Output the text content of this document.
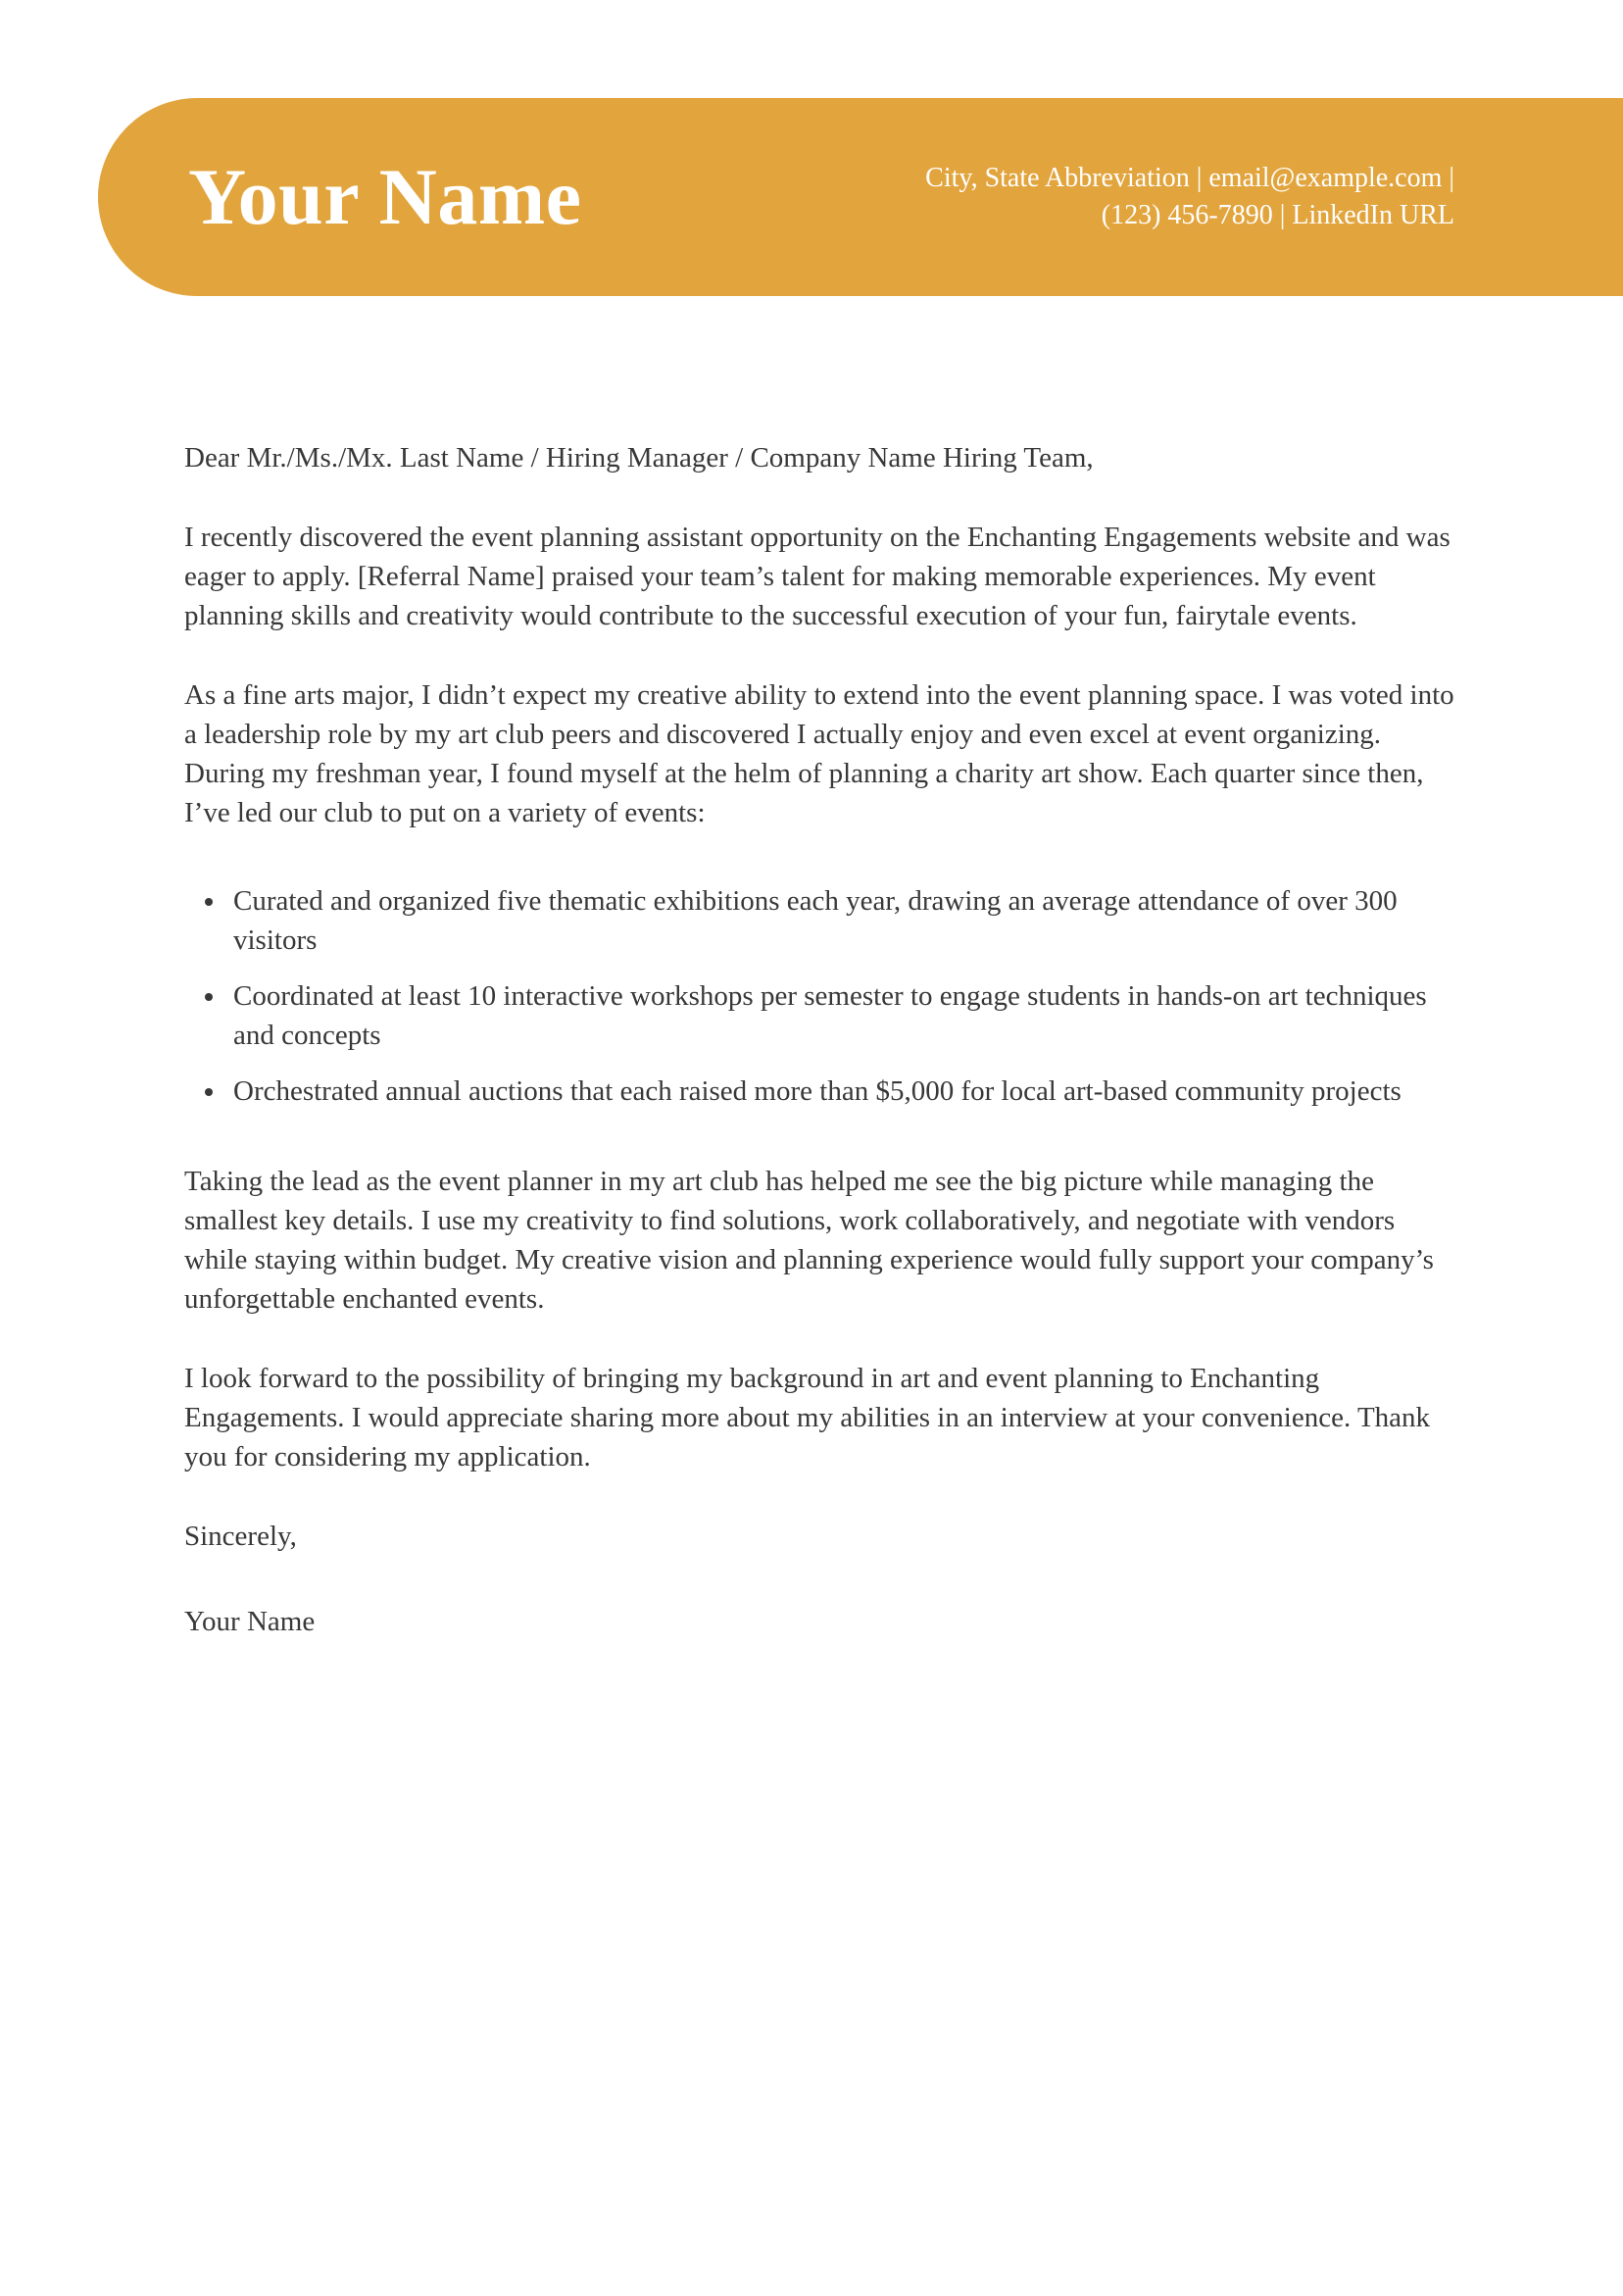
Your Name	City, State Abbreviation | email@example.com |
(123) 456-7890 | LinkedIn URL

Dear Mr./Ms./Mx. Last Name / Hiring Manager / Company Name Hiring Team,

I recently discovered the event planning assistant opportunity on the Enchanting Engagements website and was eager to apply. [Referral Name] praised your team’s talent for making memorable experiences. My event planning skills and creativity would contribute to the successful execution of your fun, fairytale events.

As a fine arts major, I didn’t expect my creative ability to extend into the event planning space. I was voted into a leadership role by my art club peers and discovered I actually enjoy and even excel at event organizing. During my freshman year, I found myself at the helm of planning a charity art show. Each quarter since then, I’ve led our club to put on a variety of events:

• Curated and organized five thematic exhibitions each year, drawing an average attendance of over 300 visitors
• Coordinated at least 10 interactive workshops per semester to engage students in hands-on art techniques and concepts
• Orchestrated annual auctions that each raised more than $5,000 for local art-based community projects

Taking the lead as the event planner in my art club has helped me see the big picture while managing the smallest key details. I use my creativity to find solutions, work collaboratively, and negotiate with vendors while staying within budget. My creative vision and planning experience would fully support your company’s unforgettable enchanted events.

I look forward to the possibility of bringing my background in art and event planning to Enchanting Engagements. I would appreciate sharing more about my abilities in an interview at your convenience. Thank you for considering my application.

Sincerely,

Your Name
